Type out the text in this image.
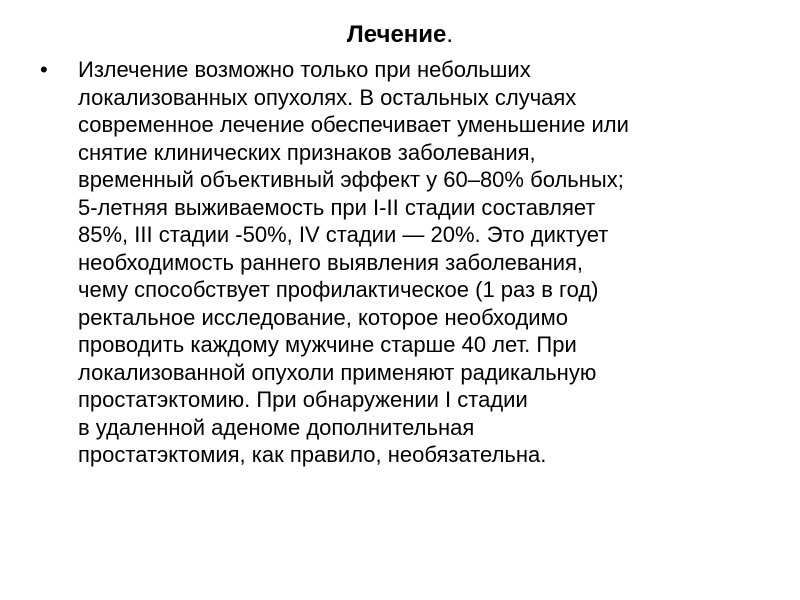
Лечение.
• Излечение возможно только при небольших
локализованных опухолях. В остальных случаях
современное лечение обеспечивает уменьшение или
снятие клинических признаков заболевания,
временный объективный эффект у 60–80% больных;
5-летняя выживаемость при I-II стадии составляет
85%, III стадии -50%, IV стадии — 20%. Это диктует
необходимость раннего выявления заболевания,
чему способствует профилактическое (1 раз в год)
ректальное исследование, которое необходимо
проводить каждому мужчине старше 40 лет. При
локализованной опухоли применяют радикальную
простатэктомию. При обнаружении I стадии
в удаленной аденоме дополнительная
простатэктомия, как правило, необязательна.
